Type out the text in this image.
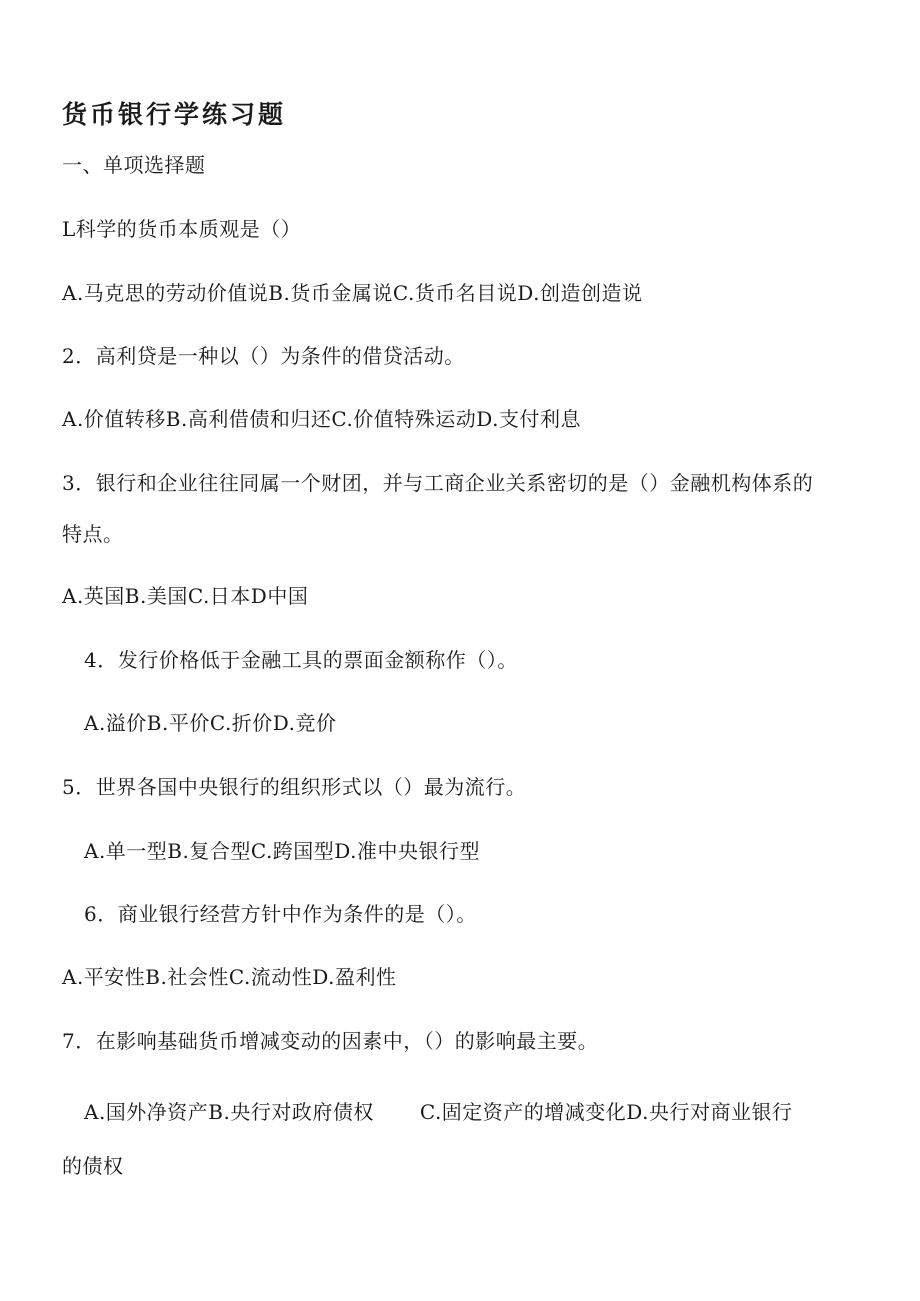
货币银行学练习题
一、单项选择题
L科学的货币本质观是（）
A.马克思的劳动价值说B.货币金属说C.货币名目说D.创造创造说
2．高利贷是一种以（）为条件的借贷活动。
A.价值转移B.高利借债和归还C.价值特殊运动D.支付利息
3．银行和企业往往同属一个财团，并与工商企业关系密切的是（）金融机构体系的
特点。
A.英国B.美国C.日本D中国
4．发行价格低于金融工具的票面金额称作（）。
A.溢价B.平价C.折价D.竞价
5．世界各国中央银行的组织形式以（）最为流行。
A.单一型B.复合型C.跨国型D.准中央银行型
6．商业银行经营方针中作为条件的是（）。
A.平安性B.社会性C.流动性D.盈利性
7．在影响基础货币增减变动的因素中，（）的影响最主要。
A.国外净资产B.央行对政府债权 C.固定资产的增减变化D.央行对商业银行
的债权
